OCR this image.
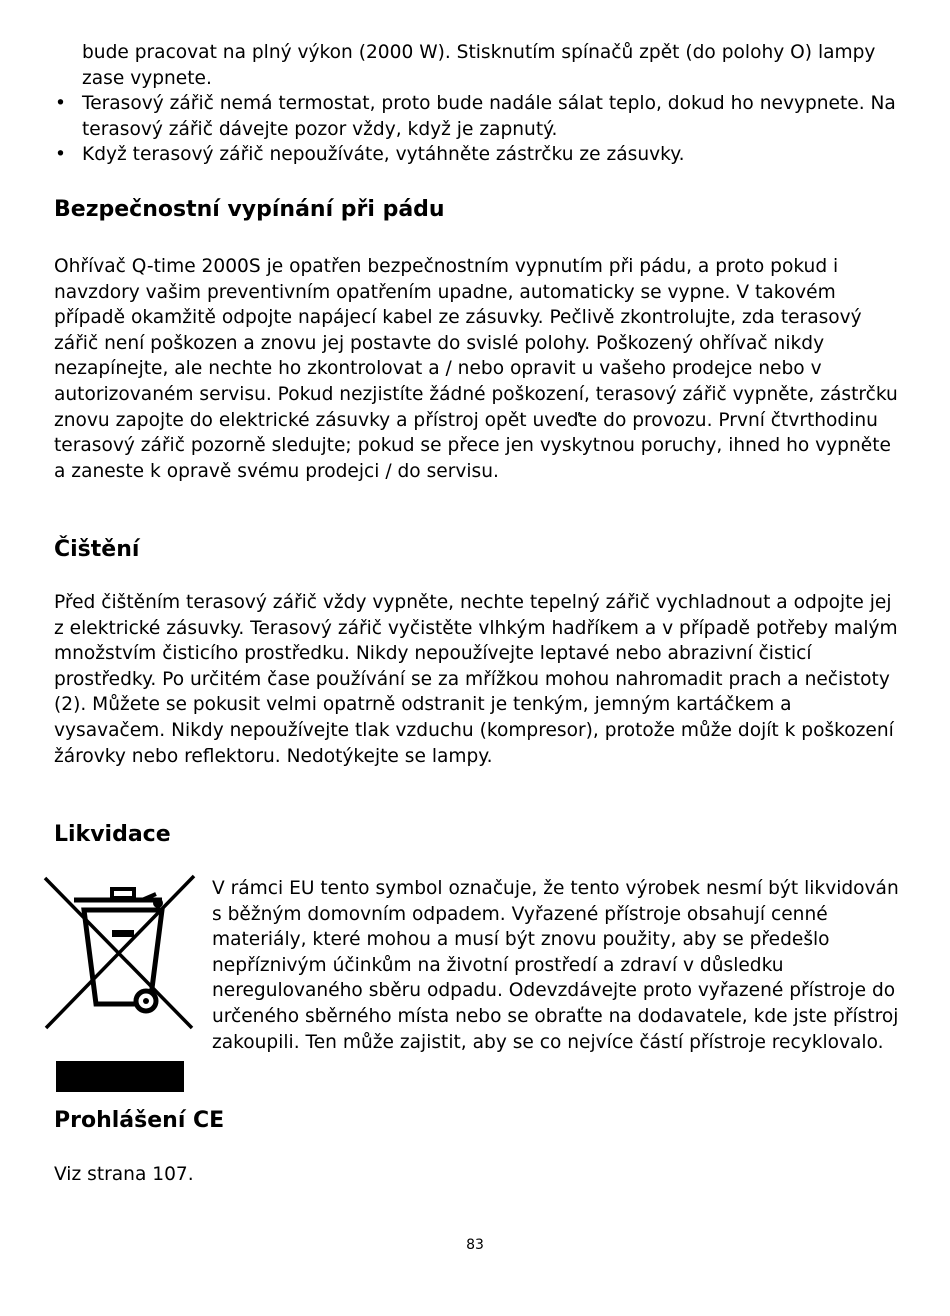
bude pracovat na plný výkon (2000 W). Stisknutím spínačů zpět (do polohy O) lampy zase vypnete.
• Terasový zářič nemá termostat, proto bude nadále sálat teplo, dokud ho nevypnete. Na terasový zářič dávejte pozor vždy, když je zapnutý.
• Když terasový zářič nepoužíváte, vytáhněte zástrčku ze zásuvky.
Bezpečnostní vypínání při pádu

Ohřívač Q-time 2000S je opatřen bezpečnostním vypnutím při pádu, a proto pokud i navzdory vašim preventivním opatřením upadne, automaticky se vypne. V takovém případě okamžitě odpojte napájecí kabel ze zásuvky. Pečlivě zkontrolujte, zda terasový zářič není poškozen a znovu jej postavte do svislé polohy. Poškozený ohřívač nikdy nezapínejte, ale nechte ho zkontrolovat a / nebo opravit u vašeho prodejce nebo v autorizovaném servisu. Pokud nezjistíte žádné poškození, terasový zářič vypněte, zástrčku znovu zapojte do elektrické zásuvky a přístroj opět uveďte do provozu. První čtvrthodinu terasový zářič pozorně sledujte; pokud se přece jen vyskytnou poruchy, ihned ho vypněte a zaneste k opravě svému prodejci / do servisu.

Čištění

Před čištěním terasový zářič vždy vypněte, nechte tepelný zářič vychladnout a odpojte jej z elektrické zásuvky. Terasový zářič vyčistěte vlhkým hadříkem a v případě potřeby malým množstvím čisticího prostředku. Nikdy nepoužívejte leptavé nebo abrazivní čisticí prostředky. Po určitém čase používání se za mřížkou mohou nahromadit prach a nečistoty (2). Můžete se pokusit velmi opatrně odstranit je tenkým, jemným kartáčkem a vysavačem. Nikdy nepoužívejte tlak vzduchu (kompresor), protože může dojít k poškození žárovky nebo reflektoru. Nedotýkejte se lampy.

Likvidace

V rámci EU tento symbol označuje, že tento výrobek nesmí být likvidován s běžným domovním odpadem. Vyřazené přístroje obsahují cenné materiály, které mohou a musí být znovu použity, aby se předešlo nepříznivým účinkům na životní prostředí a zdraví v důsledku neregulovaného sběru odpadu. Odevzdávejte proto vyřazené přístroje do určeného sběrného místa nebo se obraťte na dodavatele, kde jste přístroj zakoupili. Ten může zajistit, aby se co nejvíce částí přístroje recyklovalo.

Prohlášení CE

Viz strana 107.

83
